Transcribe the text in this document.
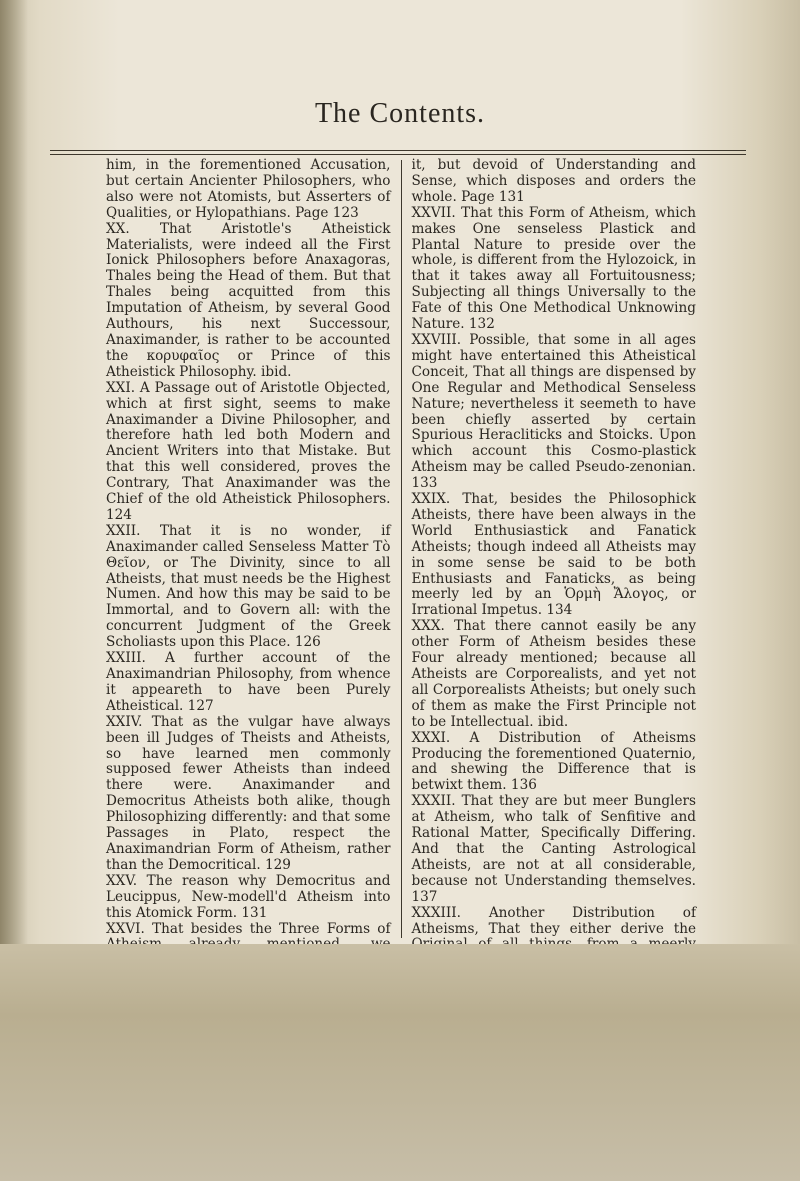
The Contents.

him, in the forementioned Accusation, but certain Ancienter Philosophers, who also were not Atomists, but Asserters of Qualities, or Hylopathians. Page 123

XX. That Aristotle's Atheistick Materialists, were indeed all the First Ionick Philosophers before Anaxagoras, Thales being the Head of them. But that Thales being acquitted from this Imputation of Atheism, by several Good Authours, his next Successour, Anaximander, is rather to be accounted the κορυφαῖος or Prince of this Atheistick Philosophy. ibid.

XXI. A Passage out of Aristotle Objected, which at first sight, seems to make Anaximander a Divine Philosopher, and therefore hath led both Modern and Ancient Writers into that Mistake. But that this well considered, proves the Contrary, That Anaximander was the Chief of the old Atheistick Philosophers. 124

XXII. That it is no wonder, if Anaximander called Senseless Matter Τὸ Θεῖον, or The Divinity, since to all Atheists, that must needs be the Highest Numen. And how this may be said to be Immortal, and to Govern all: with the concurrent Judgment of the Greek Scholiasts upon this Place. 126

XXIII. A further account of the Anaximandrian Philosophy, from whence it appeareth to have been Purely Atheistical. 127

XXIV. That as the vulgar have always been ill Judges of Theists and Atheists, so have learned men commonly supposed fewer Atheists than indeed there were. Anaximander and Democritus Atheists both alike, though Philosophizing differently: and that some Passages in Plato, respect the Anaximandrian Form of Atheism, rather than the Democritical. 129

XXV. The reason why Democritus and Leucippus, New-modell'd Atheism into this Atomick Form. 131

XXVI. That besides the Three Forms of

it, but devoid of Understanding and Sense, which disposes and orders the whole. Page 131

XXVII. That this Form of Atheism, which makes One senseless Plastick and Plantal Nature to preside over the whole, is different from the Hylozoick, in that it takes away all Fortuitousness; Subjecting all things Universally to the Fate of this One Methodical Unknowing Nature. 132

XXVIII. Possible, that some in all ages might have entertained this Atheistical Conceit, That all things are dispensed by One Regular and Methodical Senseless Nature; nevertheless it seemeth to have been chiefly asserted by certain Spurious Heracliticks and Stoicks. Upon which account this Cosmo-plastick Atheism may be called Pseudo-zenonian. 133

XXIX. That, besides the Philosophick Atheists, there have been always in the World Enthusiastick and Fanatick Atheists; though indeed all Atheists may in some sense be said to be both Enthusiasts and Fanaticks, as being meerly led by an Ὁρμὴ Ἄλογος, or Irrational Impetus. 134

XXX. That there cannot easily be any other Form of Atheism besides these Four already mentioned; because all Atheists are Corporealists, and yet not all Corporealists Atheists; but onely such of them as make the First Principle not to be Intellectual. ibid.

XXXI. A Distribution of Atheisms Producing the forementioned Quaternio, and shewing the Difference that is betwixt them. 136

XXXII. That they are but meer Bunglers at Atheism, who talk of Senfitive and Rational Matter, Specifically Differing. And that the Canting Astrological Atheists, are not at all considerable, because not Understanding themselves. 137

XXXIII. Another Distribution of Atheisms, That they either derive the
